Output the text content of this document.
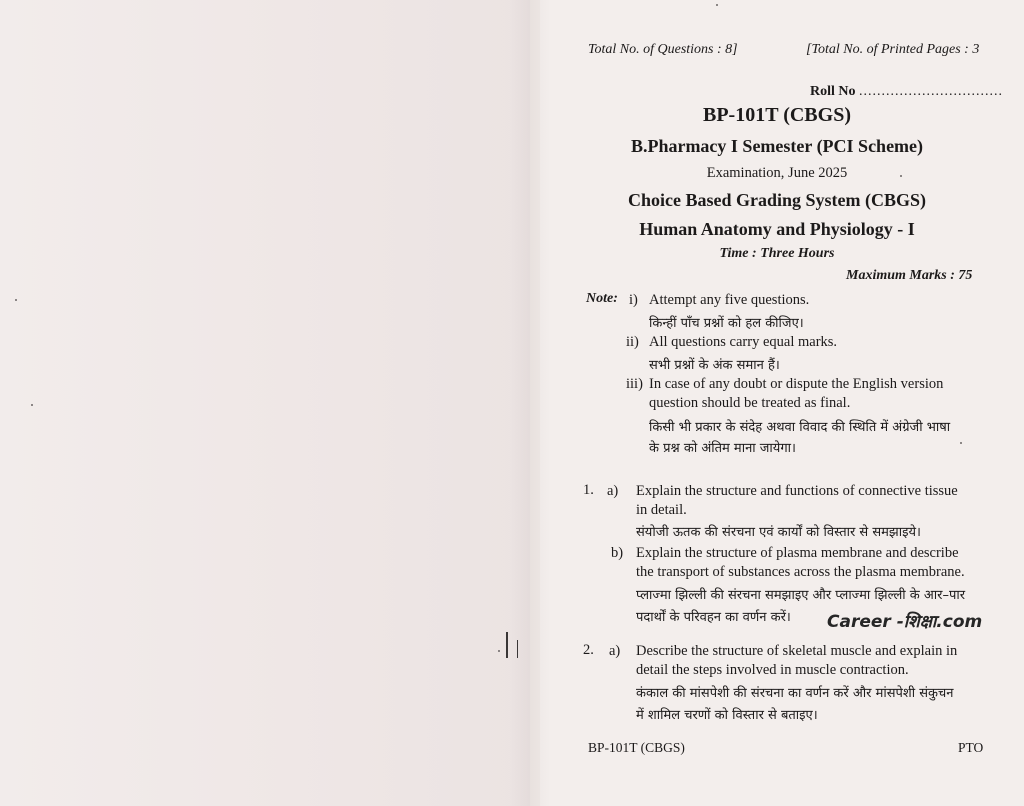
Total No. of Questions : 8]	[Total No. of Printed Pages : 3
Roll No ................................
BP-101T (CBGS)
B.Pharmacy I Semester (PCI Scheme)
Examination, June 2025
Choice Based Grading System (CBGS)
Human Anatomy and Physiology - I
Time : Three Hours
Maximum Marks : 75
Note: i) Attempt any five questions.
किन्हीं पाँच प्रश्नों को हल कीजिए।
ii) All questions carry equal marks.
सभी प्रश्नों के अंक समान हैं।
iii) In case of any doubt or dispute the English version
question should be treated as final.
किसी भी प्रकार के संदेह अथवा विवाद की स्थिति में अंग्रेजी भाषा
के प्रश्न को अंतिम माना जायेगा।
1. a) Explain the structure and functions of connective tissue
in detail.
संयोजी ऊतक की संरचना एवं कार्यों को विस्तार से समझाइये।
b) Explain the structure of plasma membrane and describe
the transport of substances across the plasma membrane.
प्लाज्मा झिल्ली की संरचना समझाइए और प्लाज्मा झिल्ली के आर–पार
पदार्थों के परिवहन का वर्णन करें। Career -शिक्षा.com
2. a) Describe the structure of skeletal muscle and explain in
detail the steps involved in muscle contraction.
कंकाल की मांसपेशी की संरचना का वर्णन करें और मांसपेशी संकुचन
में शामिल चरणों को विस्तार से बताइए।
BP-101T (CBGS)	PTO
